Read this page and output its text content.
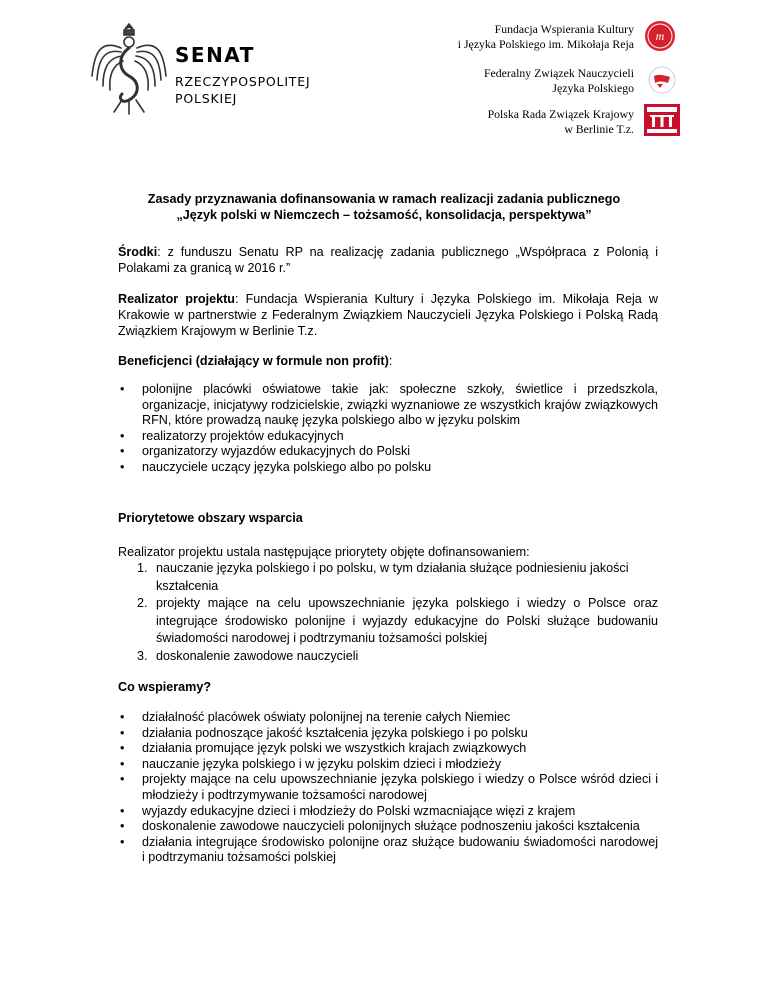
SENAT
RZECZYPOSPOLITEJ
POLSKIEJ
Fundacja Wspierania Kultury
i Języka Polskiego im. Mikołaja Reja
m
Federalny Związek Nauczycieli
Języka Polskiego
Polska Rada Związek Krajowy
w Berlinie T.z.
Zasady przyznawania dofinansowania w ramach realizacji zadania publicznego
„Język polski w Niemczech – tożsamość, konsolidacja, perspektywa”

Środki: z funduszu Senatu RP na realizację zadania publicznego „Współpraca z Polonią i Polakami za granicą w 2016 r.”

Realizator projektu: Fundacja Wspierania Kultury i Języka Polskiego im. Mikołaja Reja w Krakowie w partnerstwie z Federalnym Związkiem Nauczycieli Języka Polskiego i Polską Radą Związkiem Krajowym w Berlinie T.z.

Beneficjenci (działający w formule non profit):

• polonijne placówki oświatowe takie jak: społeczne szkoły, świetlice i przedszkola, organizacje, inicjatywy rodzicielskie, związki wyznaniowe ze wszystkich krajów związkowych RFN, które prowadzą naukę języka polskiego albo w języku polskim
• realizatorzy projektów edukacyjnych
• organizatorzy wyjazdów edukacyjnych do Polski
• nauczyciele uczący języka polskiego albo po polsku

Priorytetowe obszary wsparcia

Realizator projektu ustala następujące priorytety objęte dofinansowaniem:

1. nauczanie języka polskiego i po polsku, w tym działania służące podniesieniu jakości kształcenia
2. projekty mające na celu upowszechnianie języka polskiego i wiedzy o Polsce oraz integrujące środowisko polonijne i wyjazdy edukacyjne do Polski służące budowaniu świadomości narodowej i podtrzymaniu tożsamości polskiej
3. doskonalenie zawodowe nauczycieli

Co wspieramy?

• działalność placówek oświaty polonijnej na terenie całych Niemiec
• działania podnoszące jakość kształcenia języka polskiego i po polsku
• działania promujące język polski we wszystkich krajach związkowych
• nauczanie języka polskiego i w języku polskim dzieci i młodzieży
• projekty mające na celu upowszechnianie języka polskiego i wiedzy o Polsce wśród dzieci i młodzieży i podtrzymywanie tożsamości narodowej
• wyjazdy edukacyjne dzieci i młodzieży do Polski wzmacniające więzi z krajem
• doskonalenie zawodowe nauczycieli polonijnych służące podnoszeniu jakości kształcenia
• działania integrujące środowisko polonijne oraz służące budowaniu świadomości narodowej i podtrzymaniu tożsamości polskiej
